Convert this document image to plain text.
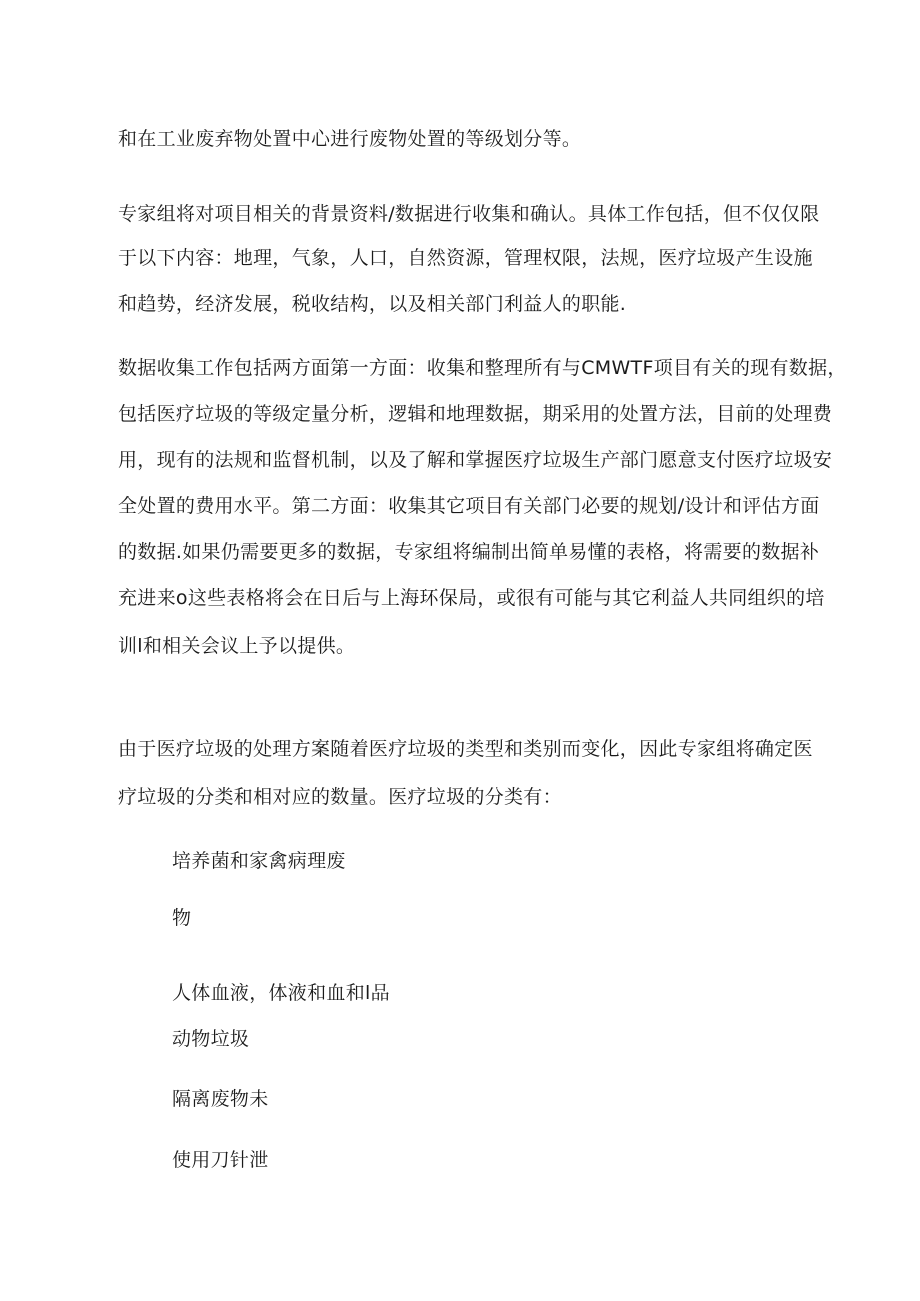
和在工业废弃物处置中心进行废物处置的等级划分等。
专家组将对项目相关的背景资料/数据进行收集和确认。具体工作包括，但不仅仅限
于以下内容：地理，气象，人口，自然资源，管理权限，法规，医疗垃圾产生设施
和趋势，经济发展，税收结构，以及相关部门利益人的职能.
数据收集工作包括两方面第一方面：收集和整理所有与CMWTF项目有关的现有数据，
包括医疗垃圾的等级定量分析，逻辑和地理数据，期采用的处置方法，目前的处理费
用，现有的法规和监督机制，以及了解和掌握医疗垃圾生产部门愿意支付医疗垃圾安
全处置的费用水平。第二方面：收集其它项目有关部门必要的规划/设计和评估方面
的数据.如果仍需要更多的数据，专家组将编制出简单易懂的表格，将需要的数据补
充进来o这些表格将会在日后与上海环保局，或很有可能与其它利益人共同组织的培
训l和相关会议上予以提供。
由于医疗垃圾的处理方案随着医疗垃圾的类型和类别而变化，因此专家组将确定医
疗垃圾的分类和相对应的数量。医疗垃圾的分类有：
培养菌和家禽病理废
物
人体血液，体液和血和l品
动物垃圾
隔离废物未
使用刀针泄
